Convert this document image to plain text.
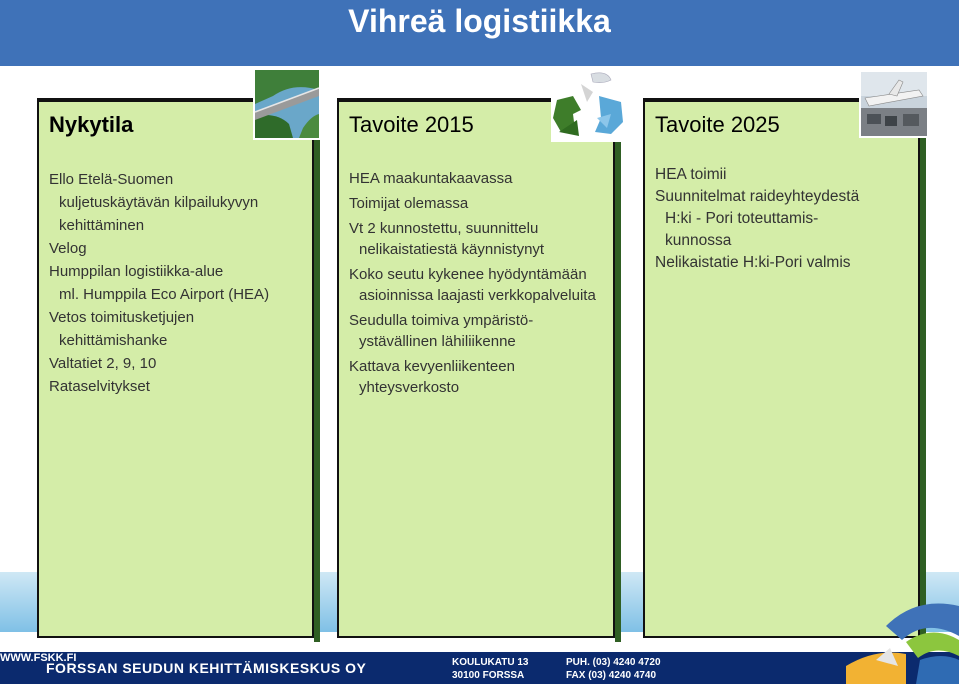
Vihreä logistiikka
Nykytila
Ello Etelä-Suomen
kuljetuskäytävän kilpailukyvyn
kehittäminen
Velog
Humppilan logistiikka-alue
ml. Humppila Eco Airport (HEA)
Vetos toimitusketjujen
kehittämishanke
Valtatiet 2, 9, 10
Rataselvitykset
Tavoite 2015
HEA maakuntakaavassa
Toimijat olemassa
Vt 2 kunnostettu, suunnittelu
nelikaistatiestä käynnistynyt
Koko seutu kykenee hyödyntämään
asioinnissa laajasti verkkopalveluita
Seudulla toimiva ympäristö-
ystävällinen lähiliikenne
Kattava kevyenliikenteen
yhteysverkosto
Tavoite 2025
HEA toimii
Suunnitelmat raideyhteydestä
H:ki - Pori toteuttamis-
kunnossa
Nelikaistatie H:ki-Pori valmis
FORSSAN SEUDUN KEHITTÄMISKESKUS OY	KOULUKATU 13
30100 FORSSA
PUH. (03) 4240 4720
FAX (03) 4240 4740
WWW.FSKK.FI
